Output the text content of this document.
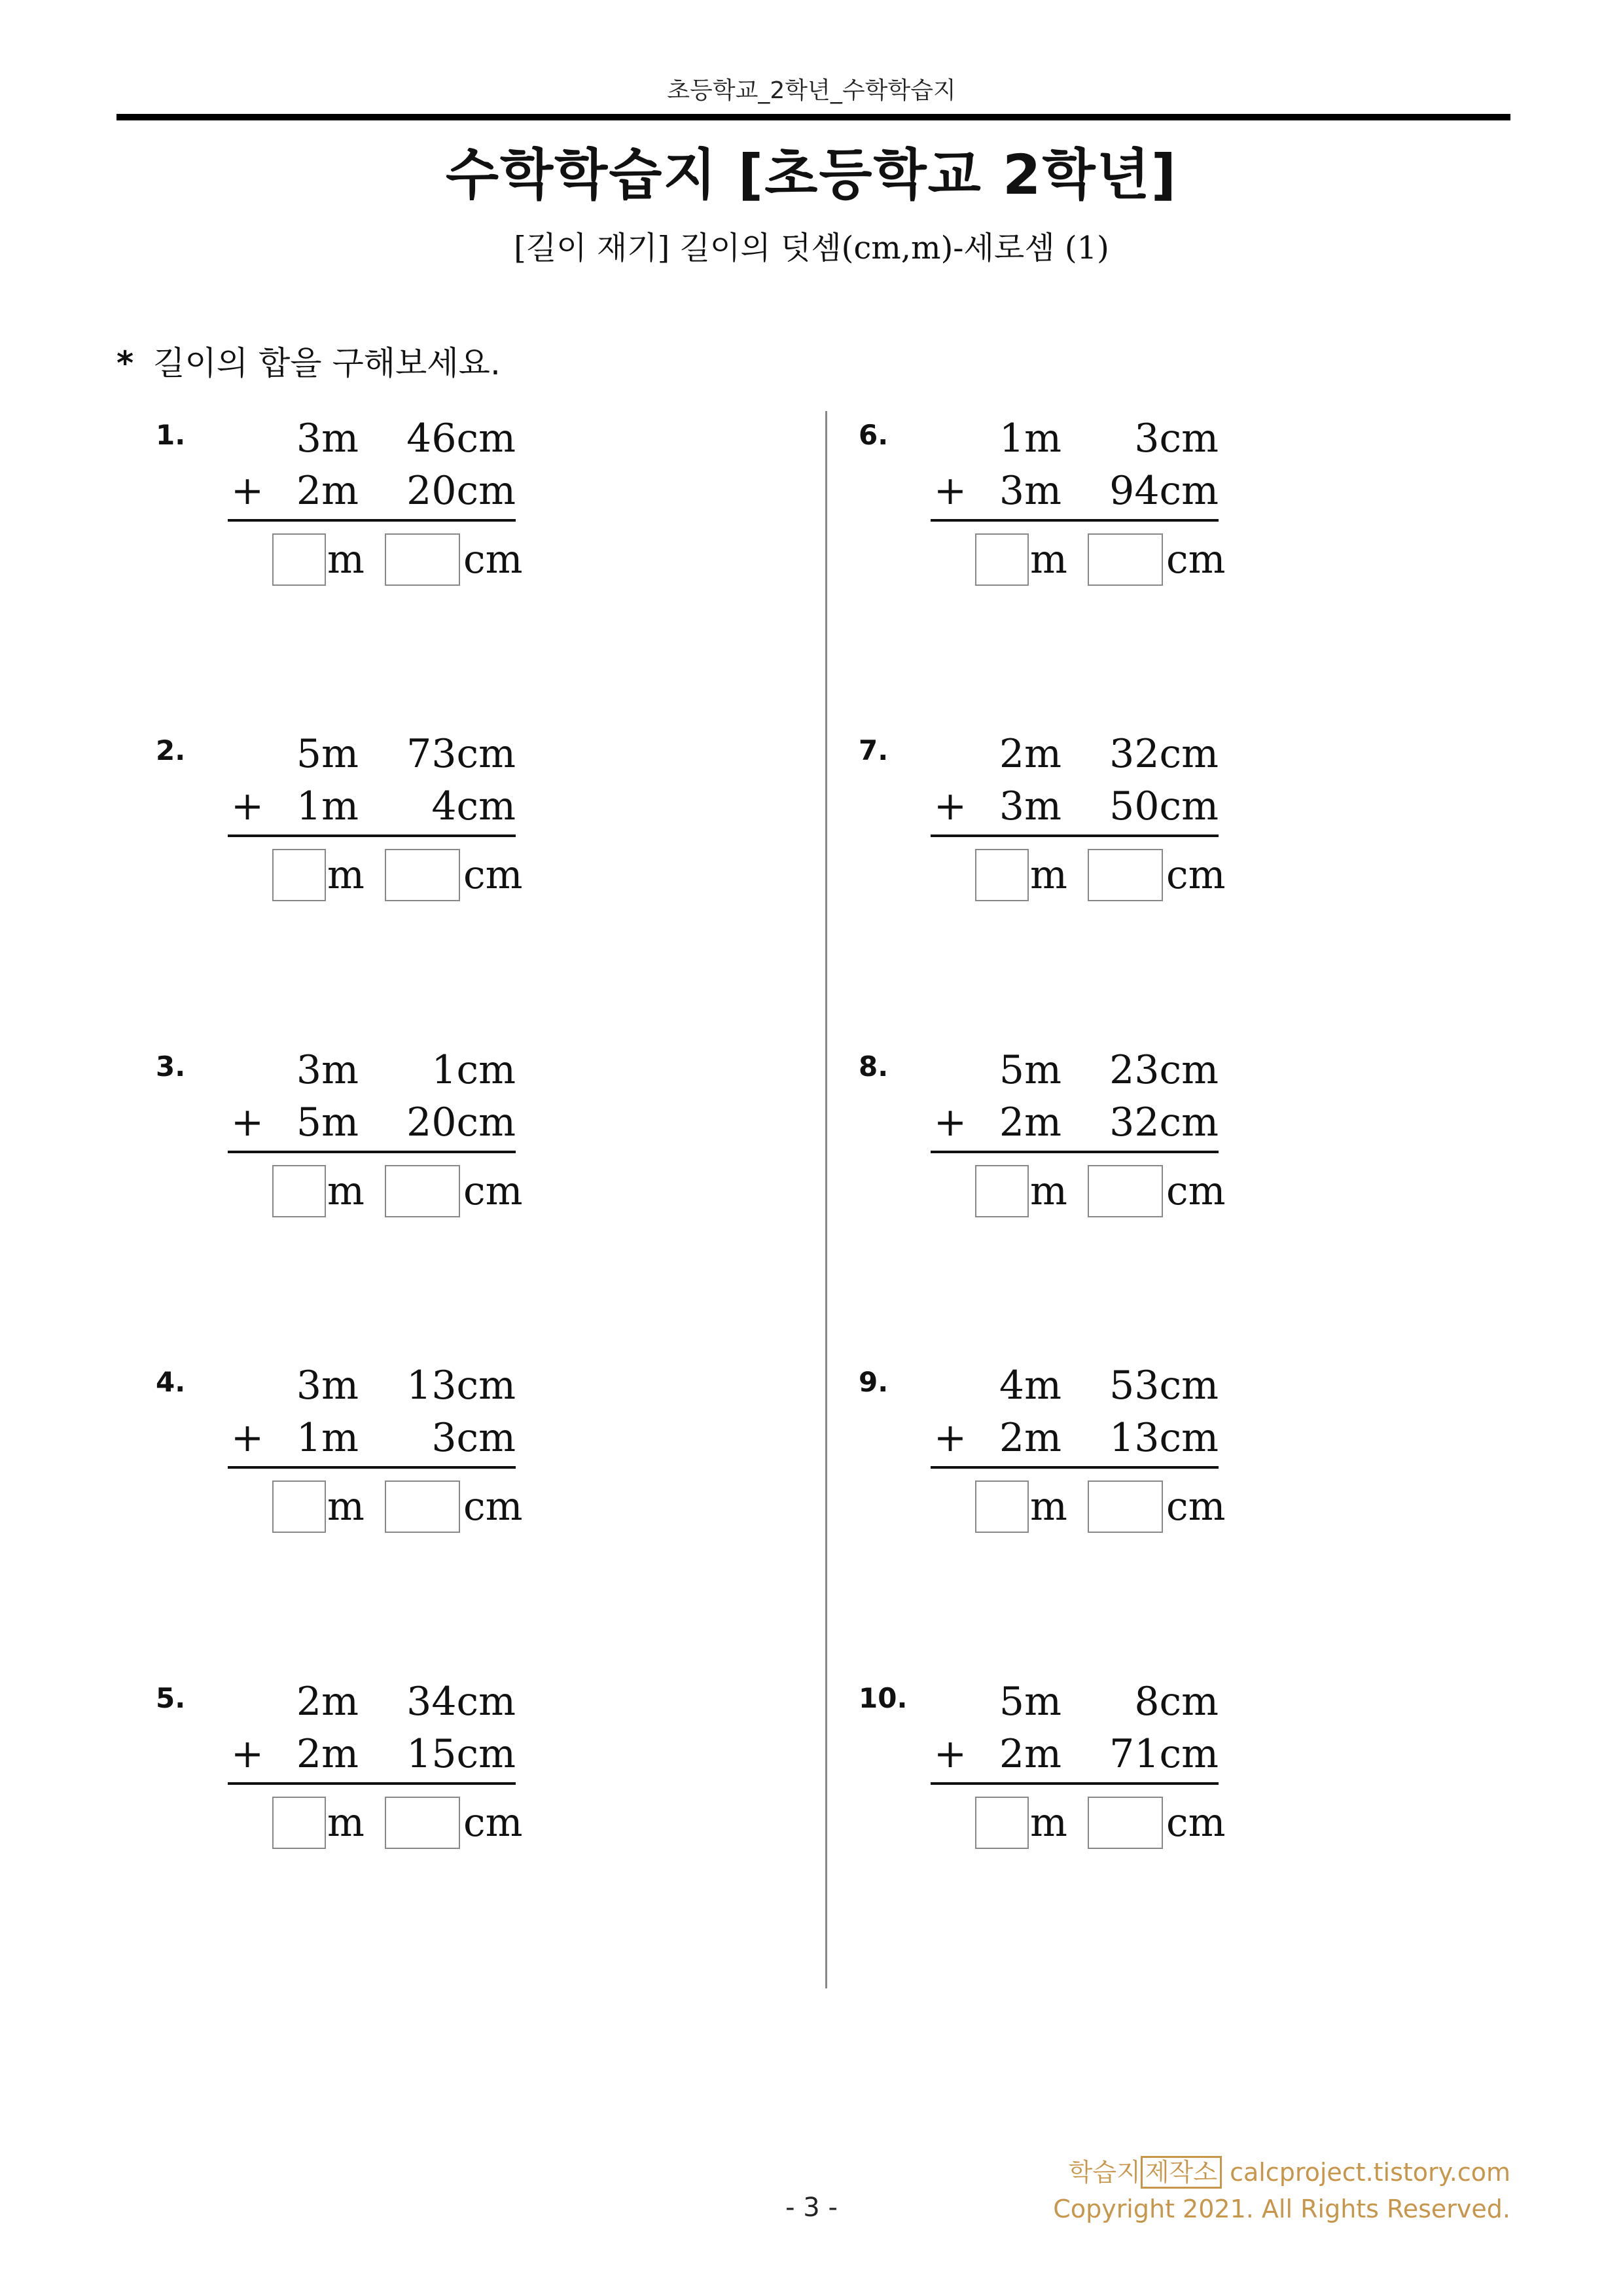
초등학교_2학년_수학학습지
수학학습지 [초등학교 2학년]
[길이 재기] 길이의 덧셈(cm,m)-세로셈 (1)
* 길이의 합을 구해보세요.
1.	3m 46cm
+ 2m 20cm
m	cm
2.	5m 73cm
+ 1m 4cm
m	cm
3.	3m 1cm
+ 5m 20cm
m	cm
4.	3m 13cm
+ 1m 3cm
m	cm
5.	2m 34cm
+ 2m 15cm
m	cm
6.	1m 3cm
+ 3m 94cm
m	cm
7.	2m 32cm
+ 3m 50cm
m	cm
8.	5m 23cm
+ 2m 32cm
m	cm
9.	4m 53cm
+ 2m 13cm
m	cm
10. 5m 8cm
+ 2m 71cm
m	cm
학습지 제작소 calcproject.tistory.com
Copyright 2021. All Rights Reserved.
- 3 -
